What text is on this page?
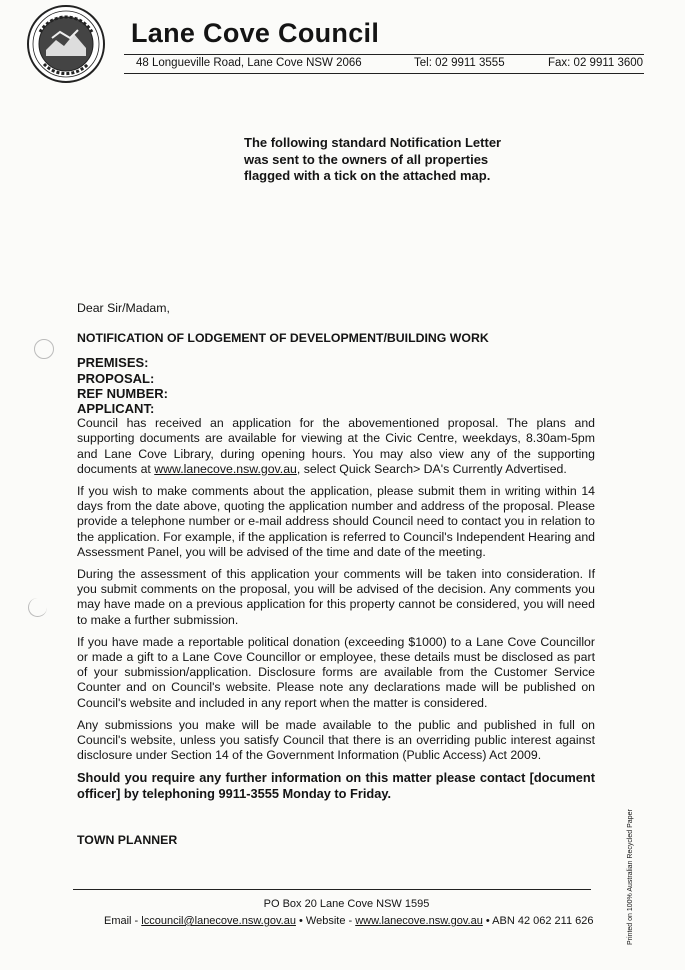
Lane Cove Council
48 Longueville Road, Lane Cove NSW 2066	Tel: 02 9911 3555	Fax: 02 9911 3600
The following standard Notification Letter
was sent to the owners of all properties
flagged with a tick on the attached map.
Dear Sir/Madam,
NOTIFICATION OF LODGEMENT OF DEVELOPMENT/BUILDING WORK
PREMISES:
PROPOSAL:
REF NUMBER:
APPLICANT:
Council has received an application for the abovementioned proposal. The plans and supporting documents are available for viewing at the Civic Centre, weekdays, 8.30am-5pm and Lane Cove Library, during opening hours. You may also view any of the supporting documents at www.lanecove.nsw.gov.au, select Quick Search> DA's Currently Advertised.
If you wish to make comments about the application, please submit them in writing within 14 days from the date above, quoting the application number and address of the proposal. Please provide a telephone number or e-mail address should Council need to contact you in relation to the application. For example, if the application is referred to Council's Independent Hearing and Assessment Panel, you will be advised of the time and date of the meeting.
During the assessment of this application your comments will be taken into consideration. If you submit comments on the proposal, you will be advised of the decision. Any comments you may have made on a previous application for this property cannot be considered, you will need to make a further submission.
If you have made a reportable political donation (exceeding $1000) to a Lane Cove Councillor or made a gift to a Lane Cove Councillor or employee, these details must be disclosed as part of your submission/application. Disclosure forms are available from the Customer Service Counter and on Council's website. Please note any declarations made will be published on Council's website and included in any report when the matter is considered.
Any submissions you make will be made available to the public and published in full on Council's website, unless you satisfy Council that there is an overriding public interest against disclosure under Section 14 of the Government Information (Public Access) Act 2009.
Should you require any further information on this matter please contact [document officer] by telephoning 9911-3555 Monday to Friday.
TOWN PLANNER
PO Box 20 Lane Cove NSW 1595
Email - lccouncil@lanecove.nsw.gov.au • Website - www.lanecove.nsw.gov.au • ABN 42 062 211 626	Printed on 100% Australian Recycled Paper
